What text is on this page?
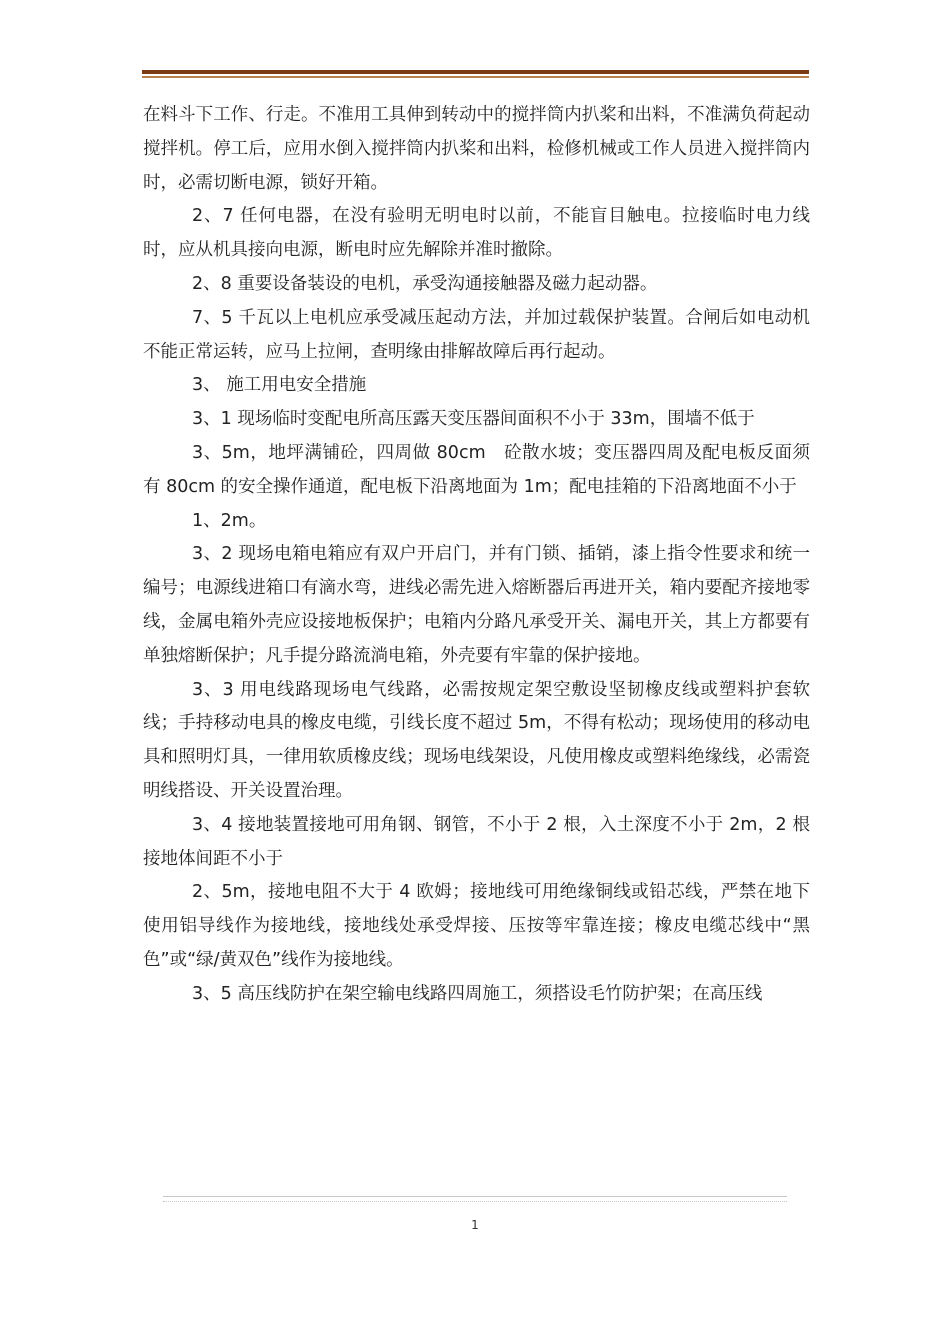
在料斗下工作、行走。不准用工具伸到转动中的搅拌筒内扒桨和出料，不准满负荷起动搅拌机。停工后，应用水倒入搅拌筒内扒桨和出料，检修机械或工作人员进入搅拌筒内时，必需切断电源，锁好开箱。

2、7 任何电器，在没有验明无明电时以前，不能盲目触电。拉接临时电力线时，应从机具接向电源，断电时应先解除并准时撤除。

2、8 重要设备装设的电机，承受沟通接触器及磁力起动器。

7、5 千瓦以上电机应承受减压起动方法，并加过载保护装置。合闸后如电动机不能正常运转，应马上拉闸，查明缘由排解故障后再行起动。

3、 施工用电安全措施

3、1 现场临时变配电所高压露天变压器间面积不小于 33m，围墙不低于

3、5m，地坪满铺砼，四周做 80cm　砼散水坡；变压器四周及配电板反面须有 80cm 的安全操作通道，配电板下沿离地面为 1m；配电挂箱的下沿离地面不小于

1、2m。

3、2 现场电箱电箱应有双户开启门，并有门锁、插销，漆上指令性要求和统一编号；电源线进箱口有滴水弯，进线必需先进入熔断器后再进开关，箱内要配齐接地零线，金属电箱外壳应设接地板保护；电箱内分路凡承受开关、漏电开关，其上方都要有单独熔断保护；凡手提分路流淌电箱，外壳要有牢靠的保护接地。

3、3 用电线路现场电气线路，必需按规定架空敷设坚韧橡皮线或塑料护套软线；手持移动电具的橡皮电缆，引线长度不超过 5m，不得有松动；现场使用的移动电具和照明灯具，一律用软质橡皮线；现场电线架设，凡使用橡皮或塑料绝缘线，必需瓷明线搭设、开关设置治理。

3、4 接地装置接地可用角钢、钢管，不小于 2 根，入土深度不小于 2m，2 根接地体间距不小于

2、5m，接地电阻不大于 4 欧姆；接地线可用绝缘铜线或铅芯线，严禁在地下使用铝导线作为接地线，接地线处承受焊接、压按等牢靠连接；橡皮电缆芯线中“黑色”或“绿/黄双色”线作为接地线。

3、5 高压线防护在架空输电线路四周施工，须搭设毛竹防护架；在高压线

1
